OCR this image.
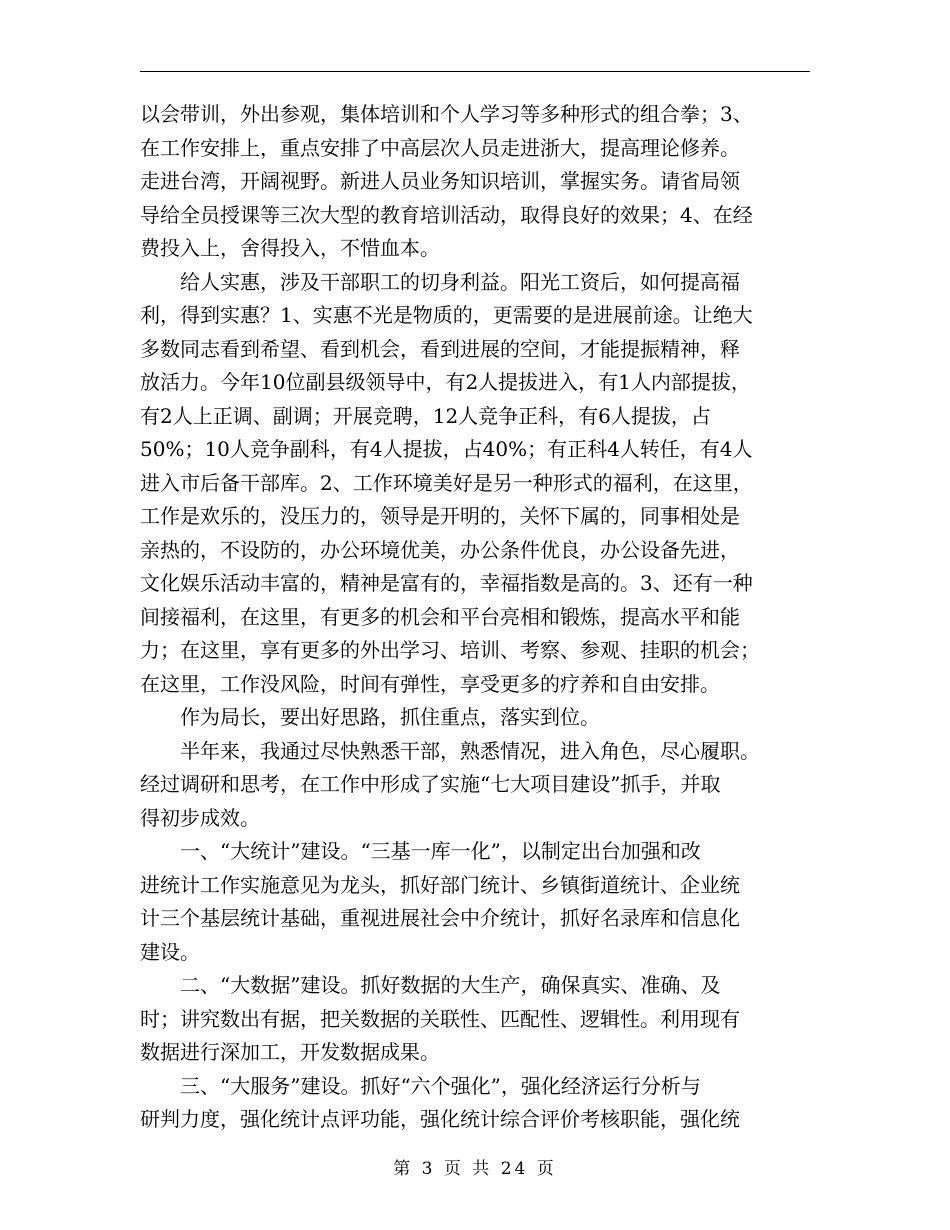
以会带训，外出参观，集体培训和个人学习等多种形式的组合拳；3、
在工作安排上，重点安排了中高层次人员走进浙大，提高理论修养。
走进台湾，开阔视野。新进人员业务知识培训，掌握实务。请省局领
导给全员授课等三次大型的教育培训活动，取得良好的效果；4、在经
费投入上，舍得投入，不惜血本。

　　给人实惠，涉及干部职工的切身利益。阳光工资后，如何提高福
利，得到实惠？1、实惠不光是物质的，更需要的是进展前途。让绝大
多数同志看到希望、看到机会，看到进展的空间，才能提振精神，释
放活力。今年10位副县级领导中，有2人提拔进入，有1人内部提拔，
有2人上正调、副调；开展竞聘，12人竞争正科，有6人提拔，占
50%；10人竞争副科，有4人提拔，占40%；有正科4人转任，有4人
进入市后备干部库。2、工作环境美好是另一种形式的福利，在这里，
工作是欢乐的，没压力的，领导是开明的，关怀下属的，同事相处是
亲热的，不设防的，办公环境优美，办公条件优良，办公设备先进，
文化娱乐活动丰富的，精神是富有的，幸福指数是高的。3、还有一种
间接福利，在这里，有更多的机会和平台亮相和锻炼，提高水平和能
力；在这里，享有更多的外出学习、培训、考察、参观、挂职的机会；
在这里，工作没风险，时间有弹性，享受更多的疗养和自由安排。

　　作为局长，要出好思路，抓住重点，落实到位。

　　半年来，我通过尽快熟悉干部，熟悉情况，进入角色，尽心履职。
经过调研和思考，在工作中形成了实施“七大项目建设”抓手，并取
得初步成效。

　　一、“大统计”建设。“三基一库一化”，以制定出台加强和改
进统计工作实施意见为龙头，抓好部门统计、乡镇街道统计、企业统
计三个基层统计基础，重视进展社会中介统计，抓好名录库和信息化
建设。

　　二、“大数据”建设。抓好数据的大生产，确保真实、准确、及
时；讲究数出有据，把关数据的关联性、匹配性、逻辑性。利用现有
数据进行深加工，开发数据成果。

　　三、“大服务”建设。抓好“六个强化”，强化经济运行分析与
研判力度，强化统计点评功能，强化统计综合评价考核职能，强化统

第 3 页 共 24 页
